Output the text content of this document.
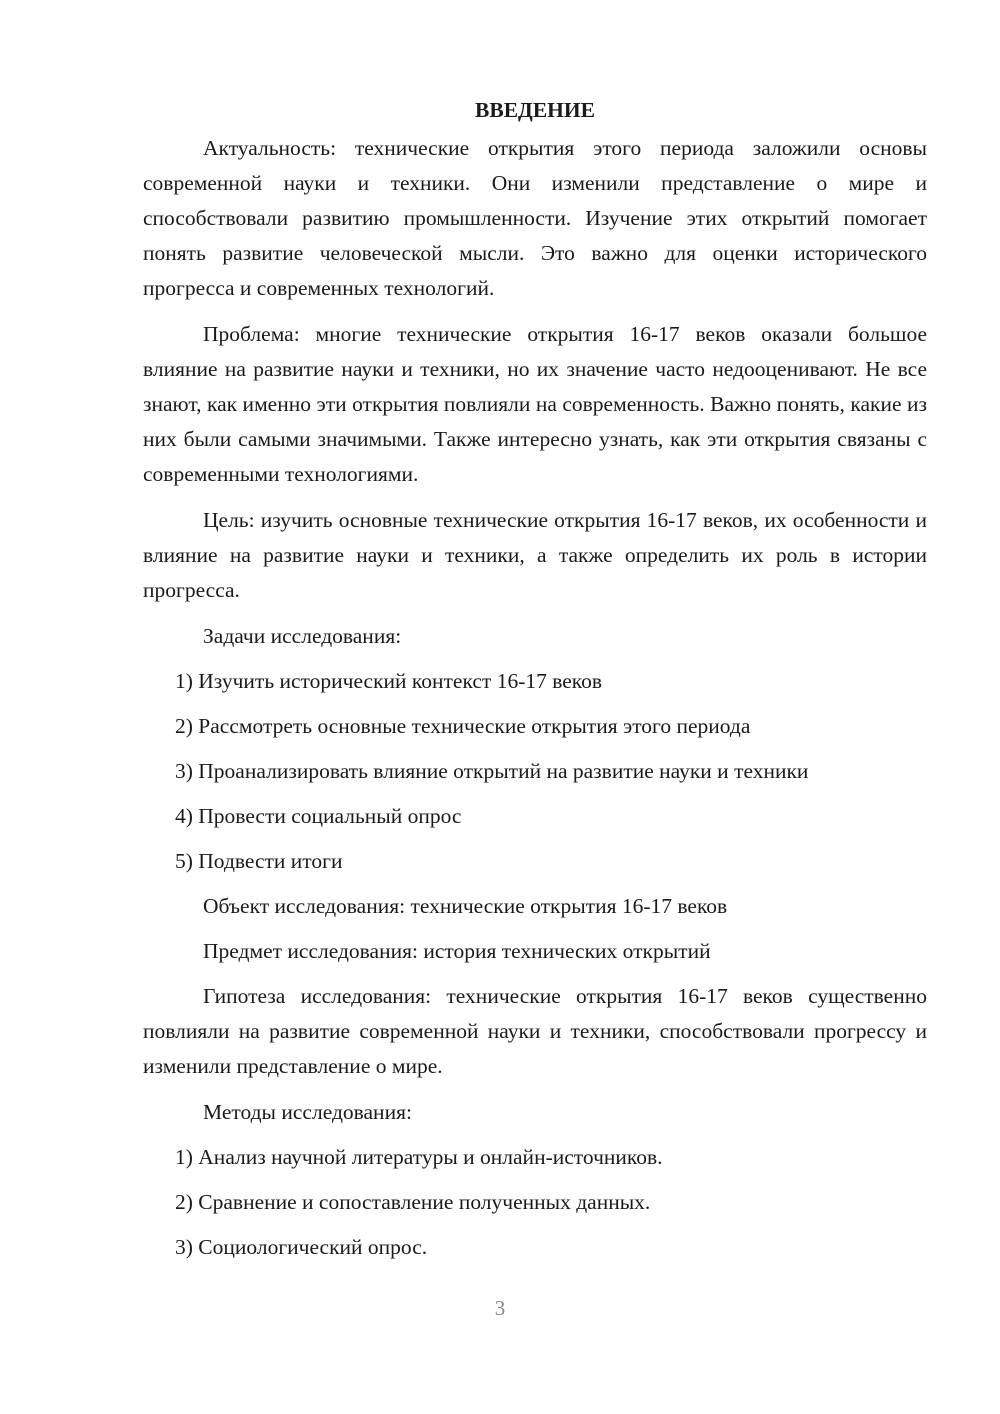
ВВЕДЕНИЕ

Актуальность: технические открытия этого периода заложили основы современной науки и техники. Они изменили представление о мире и способствовали развитию промышленности. Изучение этих открытий помогает понять развитие человеческой мысли. Это важно для оценки исторического прогресса и современных технологий.

Проблема: многие технические открытия 16-17 веков оказали большое влияние на развитие науки и техники, но их значение часто недооценивают. Не все знают, как именно эти открытия повлияли на современность. Важно понять, какие из них были самыми значимыми. Также интересно узнать, как эти открытия связаны с современными технологиями.

Цель: изучить основные технические открытия 16-17 веков, их особенности и влияние на развитие науки и техники, а также определить их роль в истории прогресса.

Задачи исследования:
1) Изучить исторический контекст 16-17 веков
2) Рассмотреть основные технические открытия этого периода
3) Проанализировать влияние открытий на развитие науки и техники
4) Провести социальный опрос
5) Подвести итоги
Объект исследования: технические открытия 16-17 веков
Предмет исследования: история технических открытий

Гипотеза исследования: технические открытия 16-17 веков существенно повлияли на развитие современной науки и техники, способствовали прогрессу и изменили представление о мире.

Методы исследования:
1) Анализ научной литературы и онлайн-источников.
2) Сравнение и сопоставление полученных данных.
3) Социологический опрос.
3
